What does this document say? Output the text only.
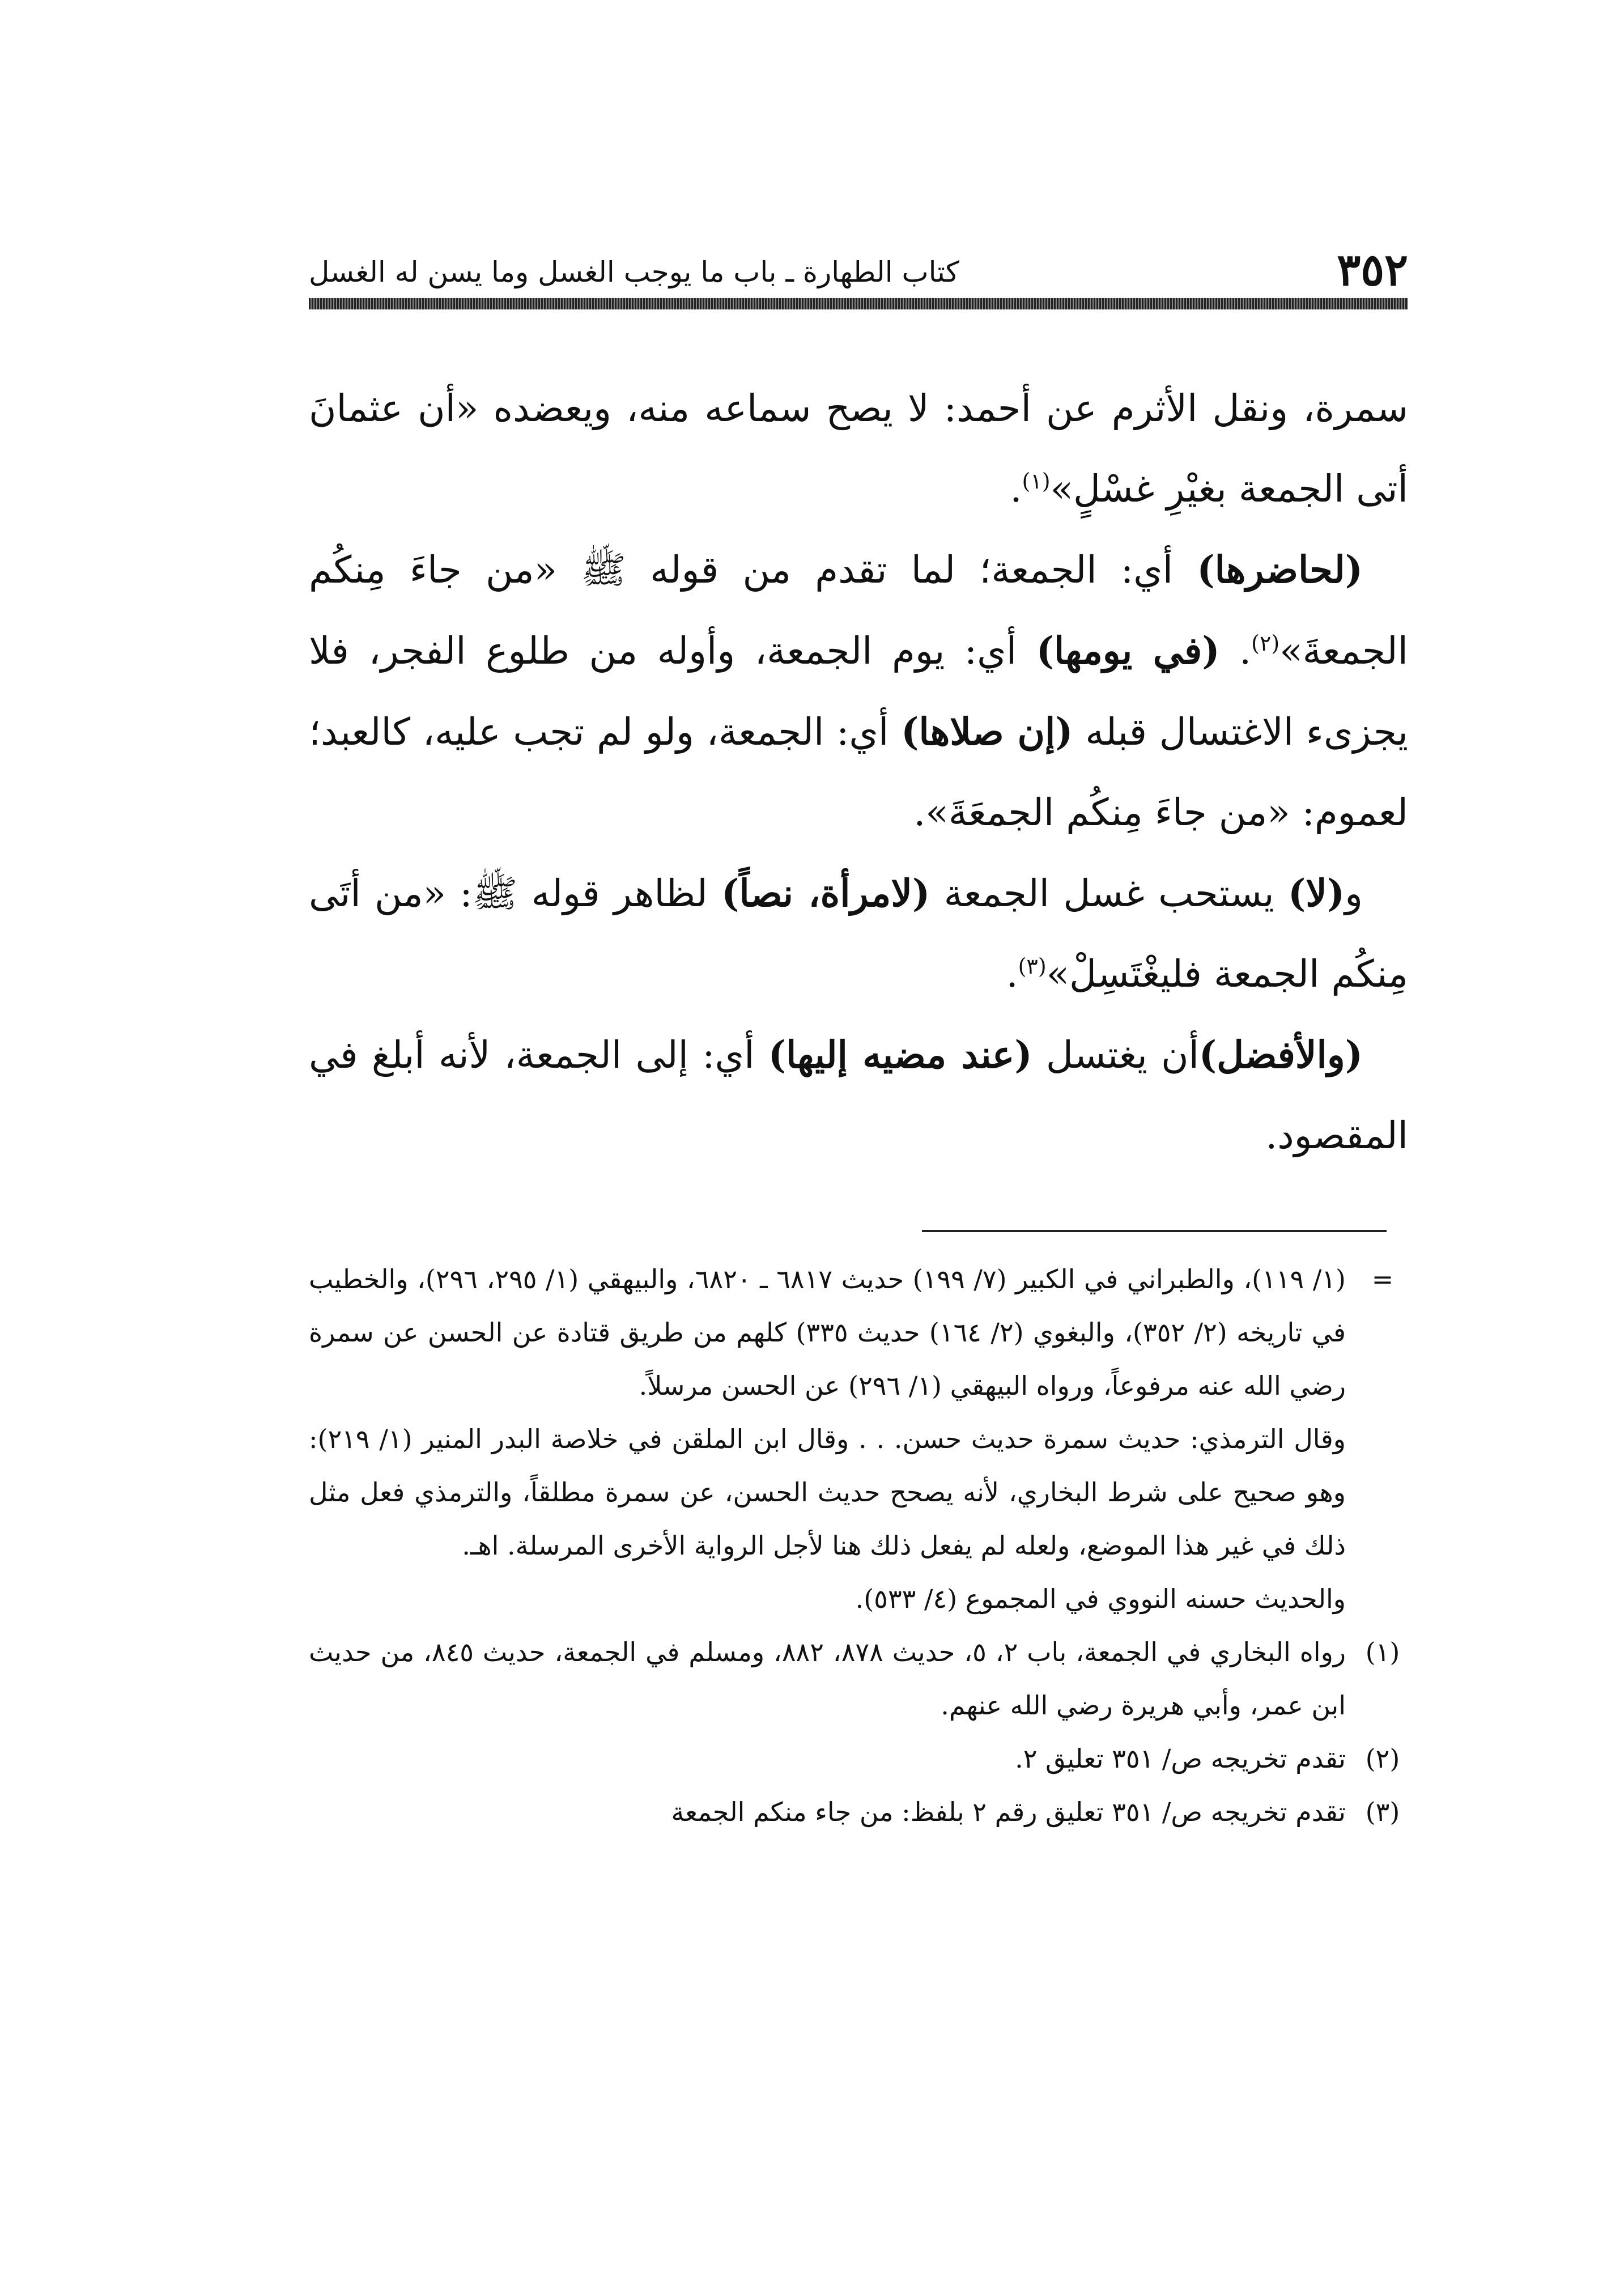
٣٥٢
كتاب الطهارة ـ باب ما يوجب الغسل وما يسن له الغسل

سمرة، ونقل الأثرم عن أحمد: لا يصح سماعه منه، ويعضده «أن عثمانَ أتى الجمعة بغيْرِ غسْلٍ»$^{(١)}$.

(لحاضرها) أي: الجمعة؛ لما تقدم من قوله ﷺ «من جاءَ مِنكُم الجمعةَ»$^{(٢)}$. (في يومها) أي: يوم الجمعة، وأوله من طلوع الفجر، فلا يجزىء الاغتسال قبله (إن صلاها) أي: الجمعة، ولو لم تجب عليه، كالعبد؛ لعموم: «من جاءَ مِنكُم الجمعَةَ».

و(لا) يستحب غسل الجمعة (لامرأة، نصاً) لظاهر قوله ﷺ: «من أتَى مِنكُم الجمعة فليغْتَسِلْ»$^{(٣)}$.

(والأفضل)أن يغتسل (عند مضيه إليها) أي: إلى الجمعة، لأنه أبلغ في المقصود.

=

(١/ ١١٩)، والطبراني في الكبير (٧/ ١٩٩) حديث ٦٨١٧ ـ ٦٨٢٠، والبيهقي (١/ ٢٩٥، ٢٩٦)، والخطيب في تاريخه (٢/ ٣٥٢)، والبغوي (٢/ ١٦٤) حديث ٣٣٥) كلهم من طريق قتادة عن الحسن عن سمرة رضي الله عنه مرفوعاً، ورواه البيهقي (١/ ٢٩٦) عن الحسن مرسلاً.

وقال الترمذي: حديث سمرة حديث حسن. . . وقال ابن الملقن في خلاصة البدر المنير (١/ ٢١٩): وهو صحيح على شرط البخاري، لأنه يصحح حديث الحسن، عن سمرة مطلقاً، والترمذي فعل مثل ذلك في غير هذا الموضع، ولعله لم يفعل ذلك هنا لأجل الرواية الأخرى المرسلة. اهـ.

والحديث حسنه النووي في المجموع (٤/ ٥٣٣).

(١)

رواه البخاري في الجمعة، باب ٢، ٥، حديث ٨٧٨، ٨٨٢، ومسلم في الجمعة، حديث ٨٤٥، من حديث ابن عمر، وأبي هريرة رضي الله عنهم.

(٢)

تقدم تخريجه ص/ ٣٥١ تعليق ٢.

(٣)

تقدم تخريجه ص/ ٣٥١ تعليق رقم ٢ بلفظ: من جاء منكم الجمعة
